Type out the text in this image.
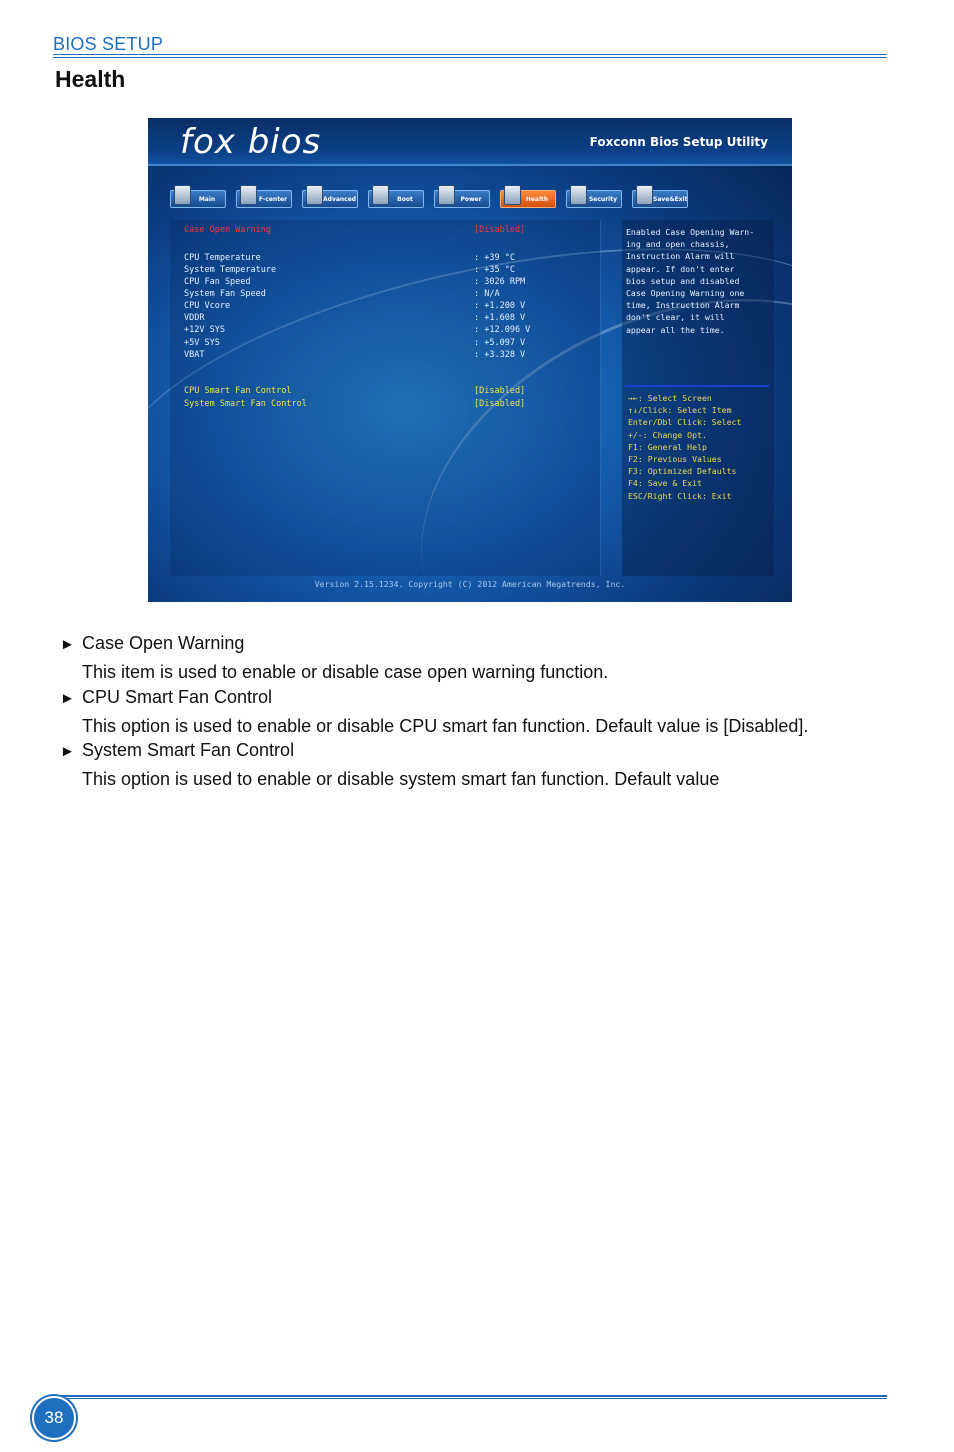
BIOS SETUP
Health
fox bios	Foxconn Bios Setup Utility
Main	F-center	Advanced	Boot	Power	Health	Security	Save&Exit
Case Open Warning	[Disabled]
CPU Temperature	: +39 °C
System Temperature	: +35 °C
CPU Fan Speed	: 3026 RPM
System Fan Speed	: N/A
CPU Vcore	: +1.200 V
VDDR	: +1.608 V
+12V SYS	: +12.096 V
+5V SYS	: +5.097 V
VBAT	: +3.328 V
CPU Smart Fan Control	[Disabled]
System Smart Fan Control	[Disabled]
Enabled Case Opening Warn-
ing and open chassis,
Instruction Alarm will
appear. If don't enter
bios setup and disabled
Case Opening Warning one
time, Instruction Alarm
don't clear, it will
appear all the time.
→←: Select Screen
↑↓/Click: Select Item
Enter/Dbl Click: Select
+/-: Change Opt.
F1: General Help
F2: Previous Values
F3: Optimized Defaults
F4: Save & Exit
ESC/Right Click: Exit
Version 2.15.1234. Copyright (C) 2012 American Megatrends, Inc.
► Case Open Warning
This item is used to enable or disable case open warning function.
► CPU Smart Fan Control
This option is used to enable or disable CPU smart fan function. Default value is [Disabled].
► System Smart Fan Control
This option is used to enable or disable system smart fan function. Default value
38
